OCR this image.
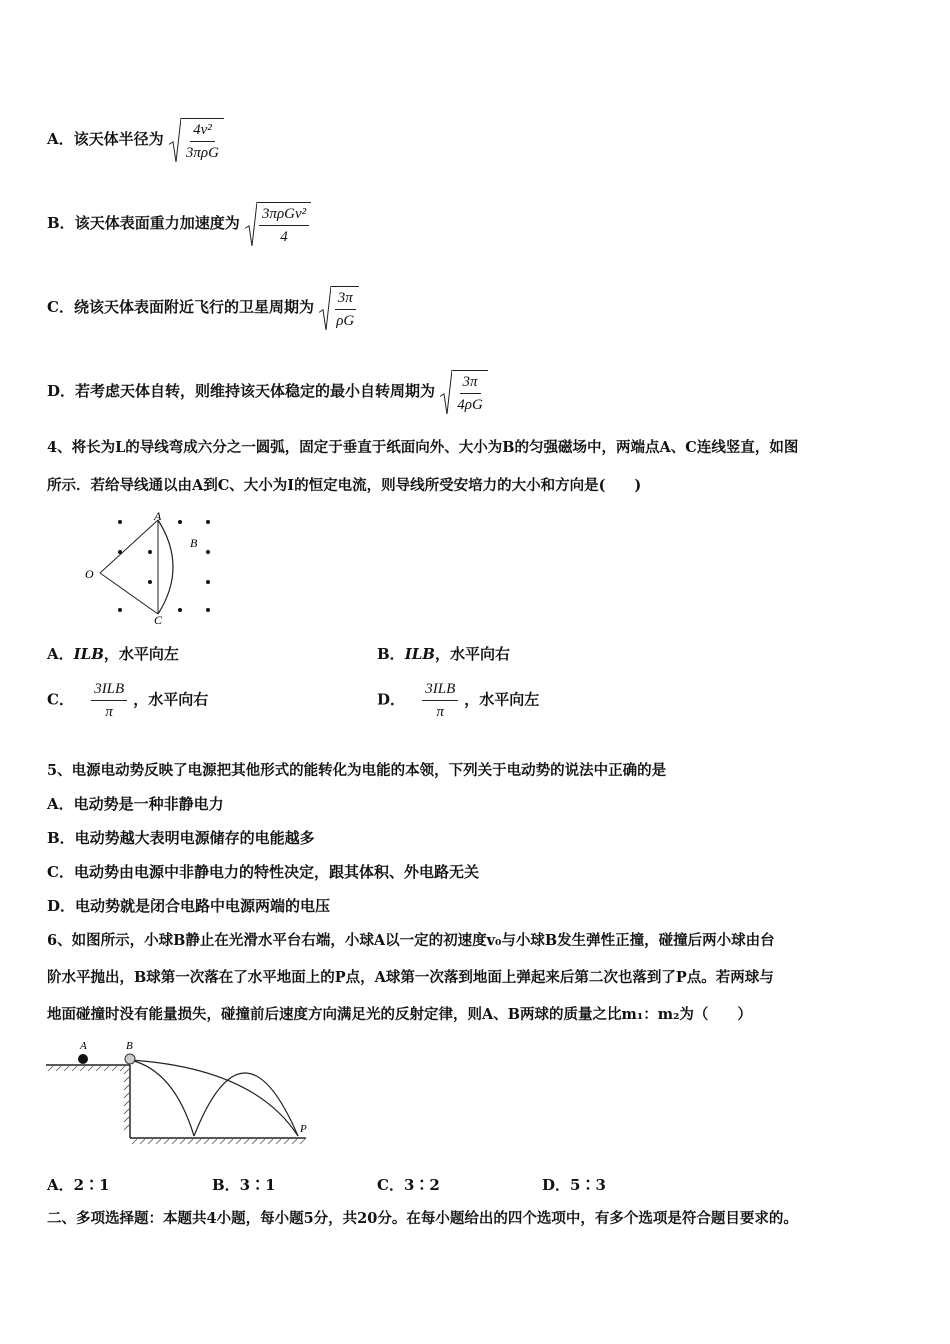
A．该天体半径为 $\frac{\text{4v²}}{\text{3πρG}}$
B．该天体表面重力加速度为 $\frac{\text{3πρGv²}}{4}$
C．绕该天体表面附近飞行的卫星周期为 $\frac{3\pi}{\rho G}$
D．若考虑天体自转，则维持该天体稳定的最小自转周期为 $\frac{3\pi}{4\rho G}$
4、将长为L的导线弯成六分之一圆弧，固定于垂直于纸面向外、大小为B的匀强磁场中，两端点A、C连线竖直，如图
所示．若给导线通以由A到C、大小为I的恒定电流，则导线所受安培力的大小和方向是(　　)
A
B
C
O
A．ILB，水平向左	B．ILB，水平向右
C． $\frac{\text{3ILB}}{\pi}$ ，水平向右	D． $\frac{\text{3ILB}}{\pi}$ ，水平向左
5、电源电动势反映了电源把其他形式的能转化为电能的本领，下列关于电动势的说法中正确的是
A．电动势是一种非静电力
B．电动势越大表明电源储存的电能越多
C．电动势由电源中非静电力的特性决定，跟其体积、外电路无关
D．电动势就是闭合电路中电源两端的电压
6、如图所示，小球B静止在光滑水平台右端，小球A以一定的初速度v₀与小球B发生弹性正撞，碰撞后两小球由台
阶水平抛出，B球第一次落在了水平地面上的P点，A球第一次落到地面上弹起来后第二次也落到了P点。若两球与
地面碰撞时没有能量损失，碰撞前后速度方向满足光的反射定律，则A、B两球的质量之比m₁：m₂为（　　）
A	B
P
A．2∶1	B．3∶1	C．3∶2	D．5∶3
二、多项选择题：本题共4小题，每小题5分，共20分。在每小题给出的四个选项中，有多个选项是符合题目要求的。
